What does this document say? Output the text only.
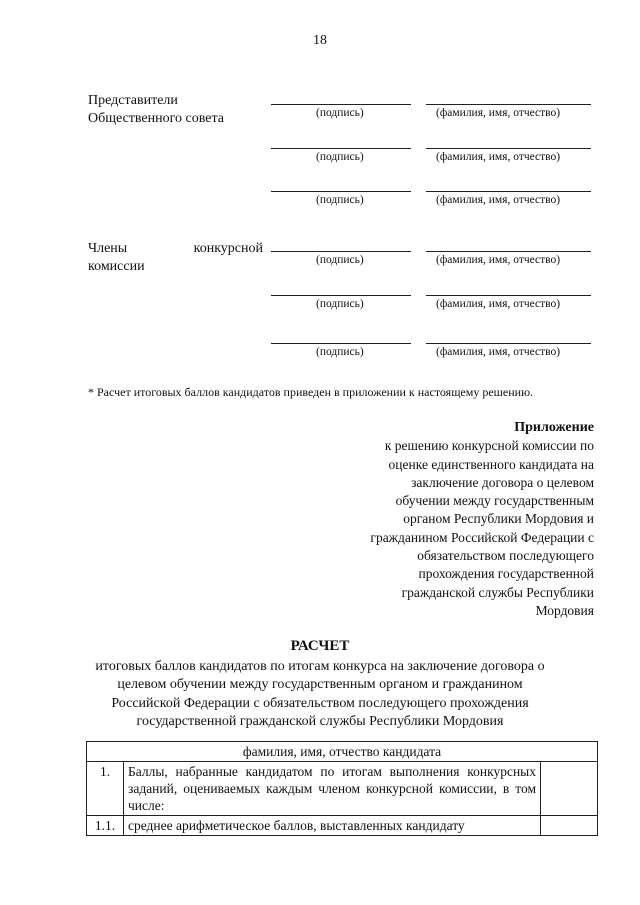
18
Представители
Общественного совета
Члены	конкурсной
комиссии
(подпись)	(фамилия, имя, отчество)
(подпись)	(фамилия, имя, отчество)
(подпись)	(фамилия, имя, отчество)
(подпись)	(фамилия, имя, отчество)
(подпись)	(фамилия, имя, отчество)
(подпись)	(фамилия, имя, отчество)
* Расчет итоговых баллов кандидатов приведен в приложении к настоящему решению.
Приложение
к решению конкурсной комиссии по
оценке единственного кандидата на
заключение договора о целевом
обучении между государственным
органом Республики Мордовия и
гражданином Российской Федерации с
обязательством последующего
прохождения государственной
гражданской службы Республики
Мордовия
РАСЧЕТ
итоговых баллов кандидатов по итогам конкурса на заключение договора о целевом обучении между государственным органом и гражданином Российской Федерации с обязательством последующего прохождения государственной гражданской службы Республики Мордовия
фамилия, имя, отчество кандидата		
1.	Баллы, набранные кандидатом по итогам выполнения конкурсных заданий, оцениваемых каждым членом конкурсной комиссии, в том числе:	
1.1.	среднее арифметическое баллов, выставленных кандидату	
